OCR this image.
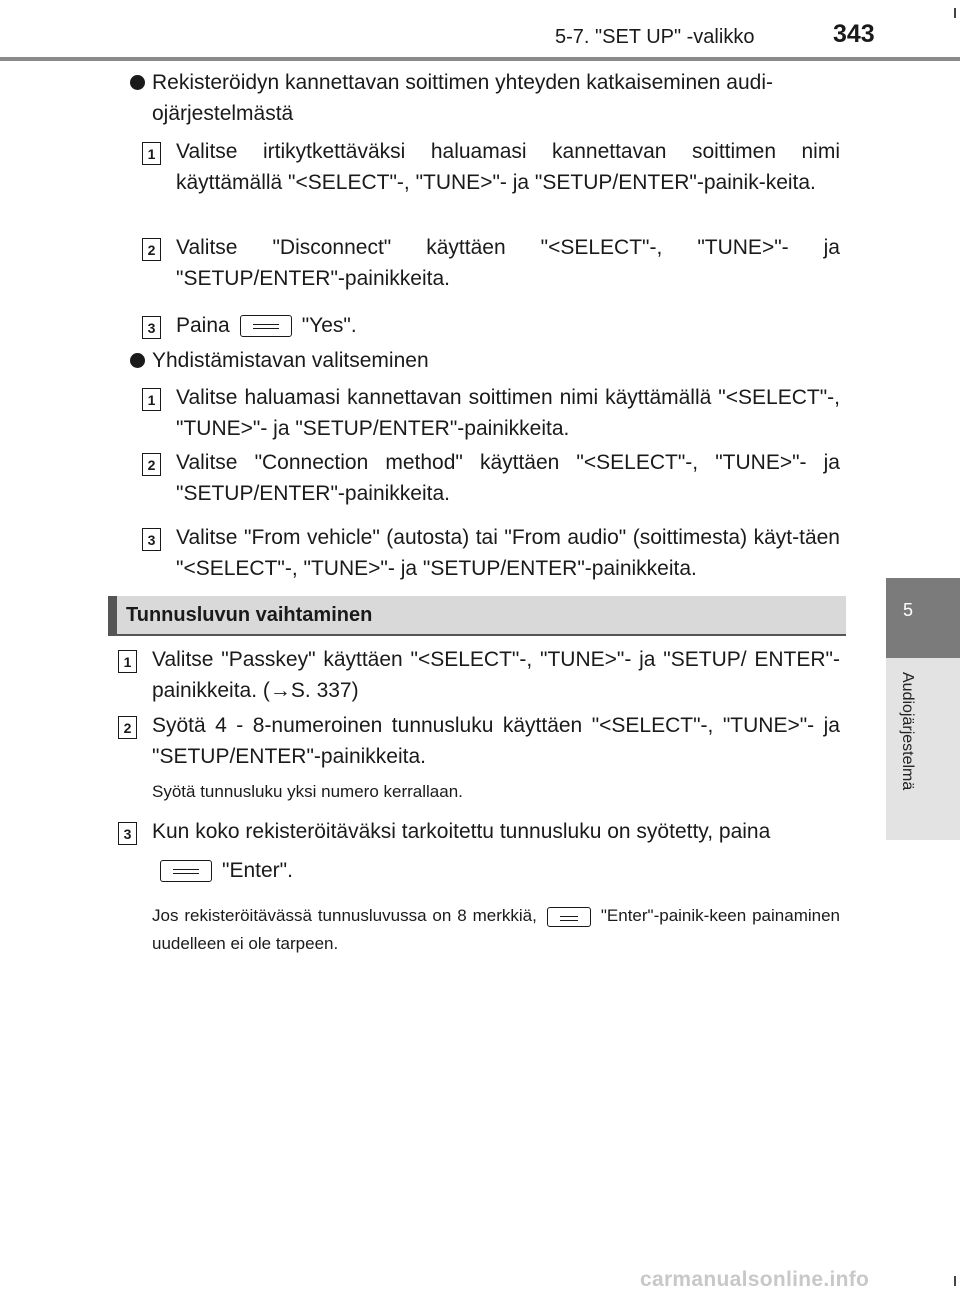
5-7. "SET UP" -valikko	343
5
Audiojärjestelmä
Rekisteröidyn kannettavan soittimen yhteyden katkaiseminen audi-
ojärjestelmästä
1 Valitse irtikytkettäväksi haluamasi kannettavan soittimen nimi käyttämällä "<SELECT"-, "TUNE>"- ja "SETUP/ENTER"-painik-keita.
2 Valitse "Disconnect" käyttäen "<SELECT"-, "TUNE>"- ja "SETUP/ENTER"-painikkeita.
3 Paina	"Yes".
Yhdistämistavan valitseminen
1 Valitse haluamasi kannettavan soittimen nimi käyttämällä "<SELECT"-, "TUNE>"- ja "SETUP/ENTER"-painikkeita.
2 Valitse "Connection method" käyttäen "<SELECT"-, "TUNE>"- ja "SETUP/ENTER"-painikkeita.
3 Valitse "From vehicle" (autosta) tai "From audio" (soittimesta) käyt-täen "<SELECT"-, "TUNE>"- ja "SETUP/ENTER"-painikkeita.
Tunnusluvun vaihtaminen
1 Valitse "Passkey" käyttäen "<SELECT"-, "TUNE>"- ja "SETUP/ ENTER"-painikkeita. (→S. 337)
2 Syötä 4 - 8-numeroinen tunnusluku käyttäen "<SELECT"-, "TUNE>"- ja "SETUP/ENTER"-painikkeita.
Syötä tunnusluku yksi numero kerrallaan.
3 Kun koko rekisteröitäväksi tarkoitettu tunnusluku on syötetty, paina
"Enter".
Jos rekisteröitävässä tunnusluvussa on 8 merkkiä,	"Enter"-painik-keen painaminen uudelleen ei ole tarpeen.
carmanualsonline.info
